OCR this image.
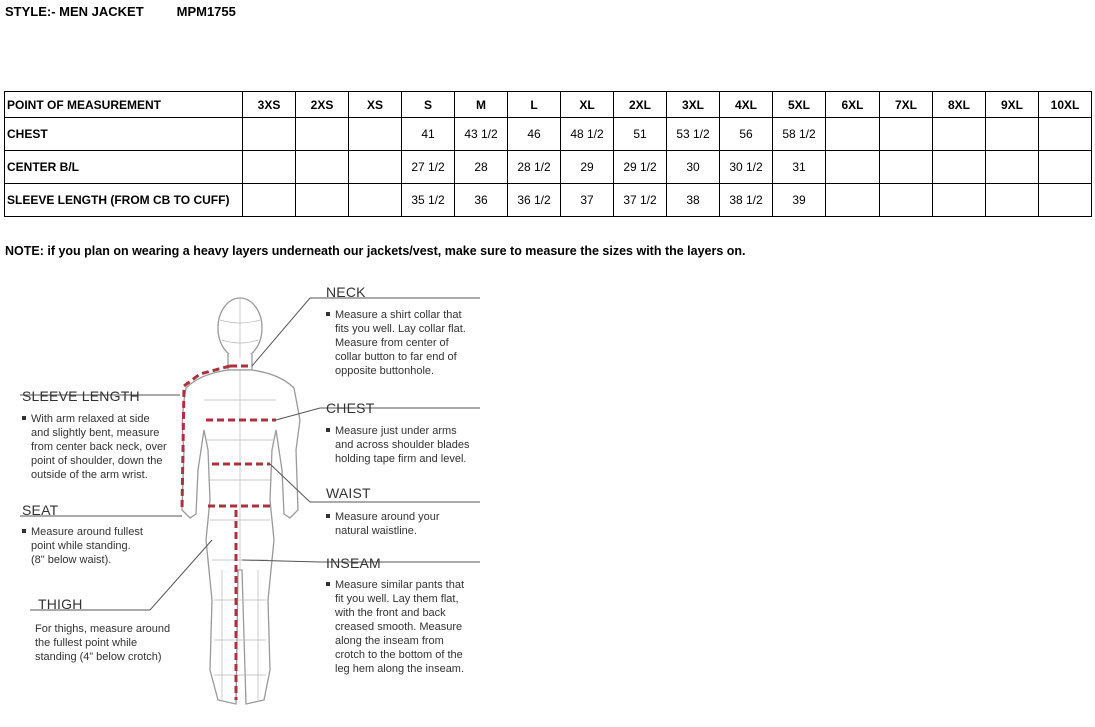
STYLE:- MEN JACKET	MPM1755
POINT OF MEASUREMENT	3XS	2XS	XS	S	M	L	XL	2XL	3XL	4XL	5XL	6XL	7XL	8XL	9XL	10XL
CHEST				41	43 1/2	46	48 1/2	51	53 1/2	56	58 1/2					
CENTER B/L				27 1/2	28	28 1/2	29	29 1/2	30	30 1/2	31					
SLEEVE LENGTH (FROM CB TO CUFF)				35 1/2	36	36 1/2	37	37 1/2	38	38 1/2	39					
NOTE: if you plan on wearing a heavy layers underneath our jackets/vest, make sure to measure the sizes with the layers on.
NECK
Measure a shirt collar that
fits you well. Lay collar flat.
Measure from center of
collar button to far end of
opposite buttonhole.
CHEST
Measure just under arms
and across shoulder blades
holding tape firm and level.
WAIST
Measure around your
natural waistline.
INSEAM
Measure similar pants that
fit you well. Lay them flat,
with the front and back
creased smooth. Measure
along the inseam from
crotch to the bottom of the
leg hem along the inseam.
SLEEVE LENGTH
With arm relaxed at side
and slightly bent, measure
from center back neck, over
point of shoulder, down the
outside of the arm wrist.
SEAT
Measure around fullest
point while standing.
(8" below waist).
THIGH
For thighs, measure around
the fullest point while
standing (4” below crotch)
